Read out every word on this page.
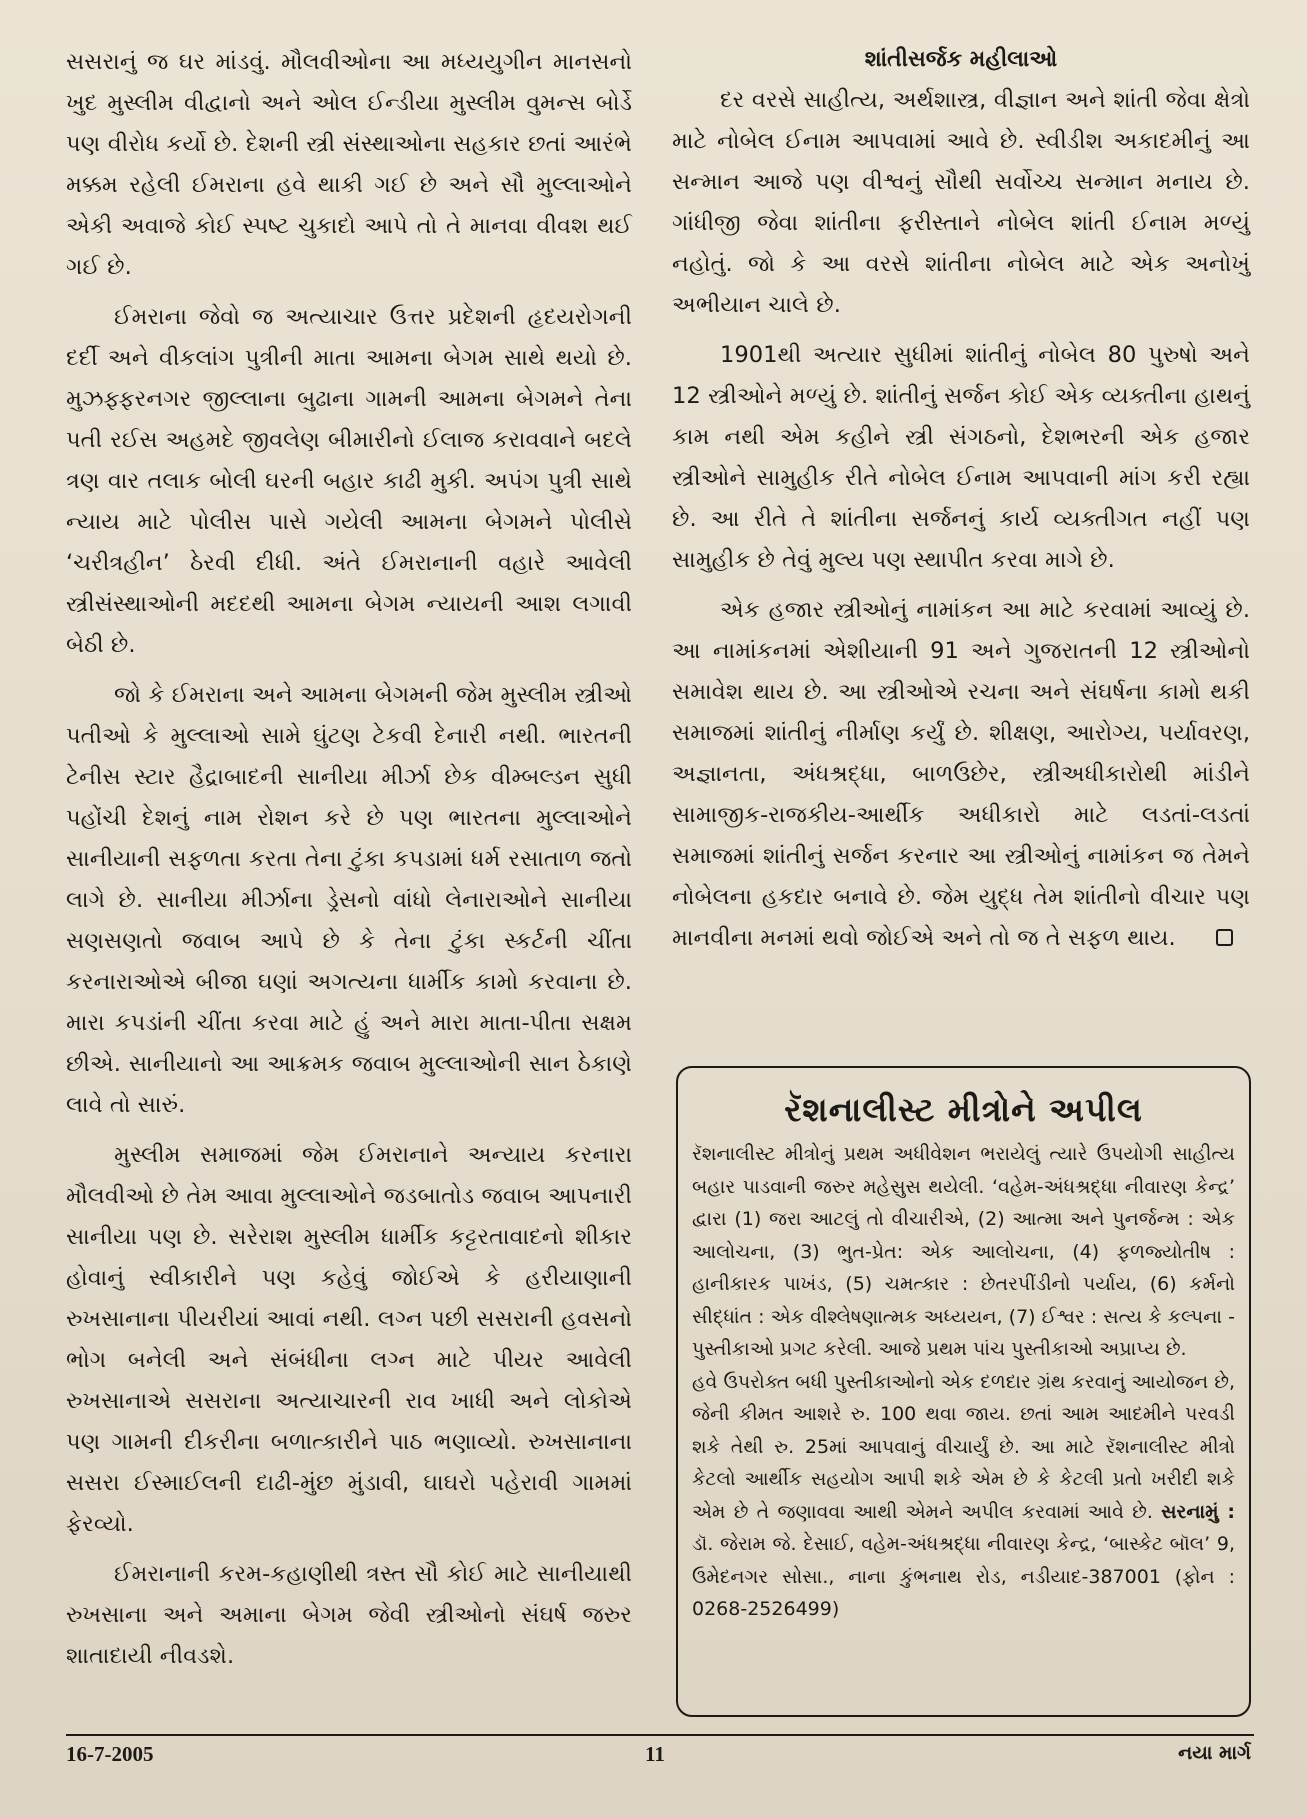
સસરાનું જ ઘર માંડવું. મૌલવીઓના આ મધ્યયુગીન માનસનો ખુદ મુસ્લીમ વીદ્વાનો અને ઓલ ઈન્ડીયા મુસ્લીમ વુમન્સ બોર્ડે પણ વીરોધ કર્યો છે. દેશની સ્ત્રી સંસ્થાઓના સહકાર છતાં આરંભે મક્કમ રહેલી ઈમરાના હવે થાકી ગઈ છે અને સૌ મુલ્લાઓને એકી અવાજે કોઈ સ્પષ્ટ ચુકાદો આપે તો તે માનવા વીવશ થઈ ગઈ છે.

ઈમરાના જેવો જ અત્યાચાર ઉત્તર પ્રદેશની હૃદયરોગની દર્દી અને વીકલાંગ પુત્રીની માતા આમના બેગમ સાથે થયો છે. મુઝફ્ફરનગર જીલ્લાના બુઢાના ગામની આમના બેગમને તેના પતી રઈસ અહમદે જીવલેણ બીમારીનો ઈલાજ કરાવવાને બદલે ત્રણ વાર તલાક બોલી ઘરની બહાર કાઢી મુકી. અપંગ પુત્રી સાથે ન્યાય માટે પોલીસ પાસે ગયેલી આમના બેગમને પોલીસે ‘ચરીત્રહીન’ ઠેરવી દીધી. અંતે ઈમરાનાની વહારે આવેલી સ્ત્રીસંસ્થાઓની મદદથી આમના બેગમ ન્યાયની આશ લગાવી બેઠી છે.

જો કે ઈમરાના અને આમના બેગમની જેમ મુસ્લીમ સ્ત્રીઓ પતીઓ કે મુલ્લાઓ સામે ઘુંટણ ટેકવી દેનારી નથી. ભારતની ટેનીસ સ્ટાર હૈદ્રાબાદની સાનીયા મીર્ઝા છેક વીમ્બલ્ડન સુધી પહોંચી દેશનું નામ રોશન કરે છે પણ ભારતના મુલ્લાઓને સાનીયાની સફળતા કરતા તેના ટુંકા કપડામાં ધર્મ રસાતાળ જતો લાગે છે. સાનીયા મીર્ઝાના ડ્રેસનો વાંધો લેનારાઓને સાનીયા સણસણતો જવાબ આપે છે કે તેના ટુંકા સ્કર્ટની ચીંતા કરનારાઓએ બીજા ઘણાં અગત્યના ધાર્મીક કામો કરવાના છે. મારા કપડાંની ચીંતા કરવા માટે હું અને મારા માતા-પીતા સક્ષમ છીએ. સાનીયાનો આ આક્રમક જવાબ મુલ્લાઓની સાન ઠેકાણે લાવે તો સારું.

મુસ્લીમ સમાજમાં જેમ ઈમરાનાને અન્યાય કરનારા મૌલવીઓ છે તેમ આવા મુલ્લાઓને જડબાતોડ જવાબ આપનારી સાનીયા પણ છે. સરેરાશ મુસ્લીમ ધાર્મીક કટ્ટરતાવાદનો શીકાર હોવાનું સ્વીકારીને પણ કહેવું જોઈએ કે હરીયાણાની રુખસાનાના પીયરીયાં આવાં નથી. લગ્ન પછી સસરાની હવસનો ભોગ બનેલી અને સંબંધીના લગ્ન માટે પીયર આવેલી રુખસાનાએ સસરાના અત્યાચારની રાવ ખાધી અને લોકોએ પણ ગામની દીકરીના બળાત્કારીને પાઠ ભણાવ્યો. રુખસાનાના સસરા ઈસ્માઈલની દાઢી-મુંછ મુંડાવી, ઘાઘરો પહેરાવી ગામમાં ફેરવ્યો.

ઈમરાનાની કરમ-કહાણીથી ત્રસ્ત સૌ કોઈ માટે સાનીયાથી રુખસાના અને અમાના બેગમ જેવી સ્ત્રીઓનો સંઘર્ષ જરુર શાતાદાયી નીવડશે.

શાંતીસર્જક મહીલાઓ

દર વરસે સાહીત્ય, અર્થશાસ્ત્ર, વીજ્ઞાન અને શાંતી જેવા ક્ષેત્રો માટે નોબેલ ઈનામ આપવામાં આવે છે. સ્વીડીશ અકાદમીનું આ સન્માન આજે પણ વીશ્વનું સૌથી સર્વોચ્ચ સન્માન મનાય છે. ગાંધીજી જેવા શાંતીના ફરીસ્તાને નોબેલ શાંતી ઈનામ મળ્યું નહોતું. જો કે આ વરસે શાંતીના નોબેલ માટે એક અનોખું અભીયાન ચાલે છે.

1901થી અત્યાર સુધીમાં શાંતીનું નોબેલ 80 પુરુષો અને 12 સ્ત્રીઓને મળ્યું છે. શાંતીનું સર્જન કોઈ એક વ્યક્તીના હાથનું કામ નથી એમ કહીને સ્ત્રી સંગઠનો, દેશભરની એક હજાર સ્ત્રીઓને સામુહીક રીતે નોબેલ ઈનામ આપવાની માંગ કરી રહ્યા છે. આ રીતે તે શાંતીના સર્જનનું કાર્ય વ્યક્તીગત નહીં પણ સામુહીક છે તેવું મુલ્ય પણ સ્થાપીત કરવા માગે છે.

એક હજાર સ્ત્રીઓનું નામાંકન આ માટે કરવામાં આવ્યું છે. આ નામાંકનમાં એશીયાની 91 અને ગુજરાતની 12 સ્ત્રીઓનો સમાવેશ થાય છે. આ સ્ત્રીઓએ રચના અને સંઘર્ષના કામો થકી સમાજમાં શાંતીનું નીર્માણ કર્યું છે. શીક્ષણ, આરોગ્ય, પર્યાવરણ, અજ્ઞાનતા, અંધશ્રદ્ધા, બાળઉછેર, સ્ત્રીઅધીકારોથી માંડીને સામાજીક-રાજકીય-આર્થીક અધીકારો માટે લડતાં-લડતાં સમાજમાં શાંતીનું સર્જન કરનાર આ સ્ત્રીઓનું નામાંકન જ તેમને નોબેલના હકદાર બનાવે છે. જેમ યુદ્ધ તેમ શાંતીનો વીચાર પણ માનવીના મનમાં થવો જોઈએ અને તો જ તે સફળ થાય.

રૅશનાલીસ્ટ મીત્રોને અપીલ

રૅશનાલીસ્ટ મીત્રોનું પ્રથમ અધીવેશન ભરાયેલું ત્યારે ઉપયોગી સાહીત્ય બહાર પાડવાની જરુર મહેસુસ થયેલી. ‘વહેમ-અંધશ્રદ્ધા નીવારણ કેન્દ્ર’ દ્વારા (1) જરા આટલું તો વીચારીએ, (2) આત્મા અને પુનર્જન્મ : એક આલોચના, (3) ભુત-પ્રેત: એક આલોચના, (4) ફળજ્યોતીષ : હાનીકારક પાખંડ, (5) ચમત્કાર : છેતરપીંડીનો પર્યાય, (6) કર્મનો સીદ્ધાંત : એક વીશ્લેષણાત્મક અધ્યયન, (7) ઈશ્વર : સત્ય કે કલ્પના - પુસ્તીકાઓ પ્રગટ કરેલી. આજે પ્રથમ પાંચ પુસ્તીકાઓ અપ્રાપ્ય છે.

હવે ઉપરોક્ત બધી પુસ્તીકાઓનો એક દળદાર ગ્રંથ કરવાનું આયોજન છે, જેની કીમત આશરે રુ. 100 થવા જાય. છતાં આમ આદમીને પરવડી શકે તેથી રુ. 25માં આપવાનું વીચાર્યું છે. આ માટે રૅશનાલીસ્ટ મીત્રો કેટલો આર્થીક સહયોગ આપી શકે એમ છે કે કેટલી પ્રતો ખરીદી શકે એમ છે તે જણાવવા આથી એમને અપીલ કરવામાં આવે છે. સરનામું : ડૉ. જેરામ જે. દેસાઈ, વહેમ-અંધશ્રદ્ધા નીવારણ કેન્દ્ર, ‘બાસ્કેટ બૉલ’ 9, ઉમેદનગર સોસા., નાના કુંભનાથ રોડ, નડીયાદ-387001 (ફોન : 0268-2526499)

16-7-2005	11	નયા માર્ગ
